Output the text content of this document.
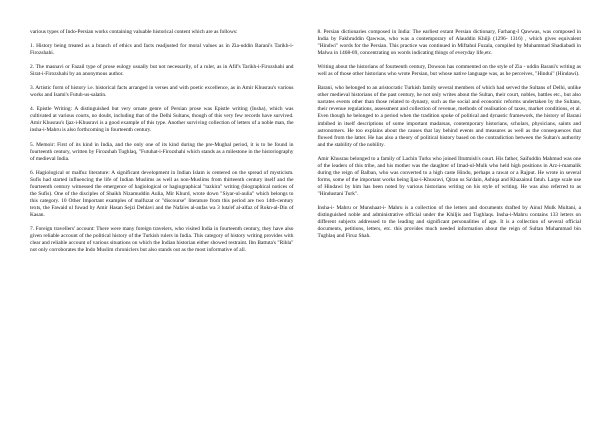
various types of Indo-Persian works containing valuable historical content which are as follows:

1. History being treated as a branch of ethics and facts readjusted for moral values as in Zia-uddin Barani's Tarikh-i-Firozshahi.

2. The masnavi or Fazail type of prose eulogy usually but not necessarily, of a ruler, as in Afif's Tarikh-i-Firozshahi and Sirat-i-Firozshahi by an anonymous author.

3. Artistic form of history i.e. historical facts arranged in verses and with poetic excellence, as in Amir Khusrau's various works and Isami's Futuh-us-salatin.

4. Epistle Writing: A distinguished but very ornate genre of Persian prose was Epistle writing (Insha), which was cultivated at various courts, no doubt, including that of the Delhi Sultans, though of this very few records have survived. Amir Khusrau's Ijaz-i-Khusravi is a good example of this type. Another surviving collection of letters of a noble man, the insha-i-Mahru is also forthcoming in fourteenth century.

5. Memoir: First of its kind in India, and the only one of its kind during the pre-Mughal period, it is to be found in fourteenth century, written by Firozshah Tughlaq, "Futuhat-i-Firozshahi which stands as a milestone in the historiography of medieval India.

6. Hagiological or malfuz literature: A significant development in Indian Islam is centered on the spread of mysticism. Sufis had started influencing the life of Indian Muslims as well as non-Muslims from thirteenth century itself and the fourteenth century witnessed the emergence of hagiological or hagiographical "tazkira" writing (biographical notices of the Sufis). One of the disciples of Shaikh Nizamuddin Aulia, Mir Khurd, wrote down "Siyar-ul-aulia" which belongs to this category. 10 Other Important examples of malfuzat or "discourse" literature from this period are two 14th-century texts, the Fawaid ul fuwad by Amir Hasan Sejzi Dehlavi and the Nafa'es al-anfas wa 3 luta'ef al-alfaz of Rokn-al-Din of Kasan.

7. Foreign travellers' account: There were many foreign travelers, who visited India in fourteenth century, they have also given reliable account of the political history of the Turkish rulers in India. This category of history writing provides with clear and reliable account of various situations on which the Indian historian either showed restraint. Ibn Battuta's "Rihla" not only corroborates the Indo Muslim chroniclers but also stands out as the most informative of all.

8. Persian dictionaries composed in India: The earliest extant Persian dictionary, Farhang-I Qawwas, was composed in India by Fakhruddin Qawwas, who was a contemporary of Alauddin Khilji (1296- 1316) , which gives equivalent "Hindwi" words for the Persian. This practice was continued in Miftahul Fuzala, compiled by Muhammad Shadiabadi in Malwa in 1468-69, concentrating on words indicating things of everyday life,etc.

Writing about the historians of fourteenth century, Dowson has commented on the style of Zia - uddin Barani's writing as well as of those other historians who wrote Persian, but whose native language was, as he perceives, "Hindui" (Hindawi).

Barani, who belonged to an aristocratic Turkish family several members of which had served the Sultans of Delhi, unlike other medieval historians of the past century, he not only writes about the Sultan, their court, nobles, battles etc., but also narrates events other than those related to dynasty, such as the social and economic reforms undertaken by the Sultans, their revenue regulations, assessment and collection of revenue, methods of realisation of taxes, market conditions, et al. Even though he belonged to a period when the tradition spoke of political and dynastic framework, the history of Barani imbibed in itself descriptions of some important madarsas, contemporary historians, scholars, physicians, saints and astronomers. He too explains about the causes that lay behind events and measures as well as the consequences that flowed from the latter. He has also a theory of political history based on the contradiction between the Sultan's authority and the stability of the nobility.

Amir Khusrau belonged to a family of Lachin Turks who joined Iltutmish's court. His father, Saifuddin Mahmud was one of the leaders of this tribe, and his mother was the daughter of Imad-ul-Mulk who held high positions in Arz-i-mamalik during the reign of Balban, who was converted to a high caste Hindu, perhaps a rawat or a Rajput. He wrote in several forms, some of the important works being Ijaz-i-Khusravi, Qiran us Sa'dain, Ashiqa and Khazainul fatuh. Large scale use of Hindawi by him has been noted by various historians writing on his style of writing. He was also referred to as "Hindustani Turk".

Insha-i- Mahru or Munshaat-i- Mahru is a collection of the letters and documents drafted by Ainul Mulk Multani, a distinguished noble and administrative official under the Khiljis and Tughlaqs. Insha-i-Mahru contains 133 letters on different subjects addressed to the leading and significant personalities of age. It is a collection of several official documents, petitions, letters, etc. this provides much needed information about the reign of Sultan Muhammad bin Tughlaq and Firuz Shah.
